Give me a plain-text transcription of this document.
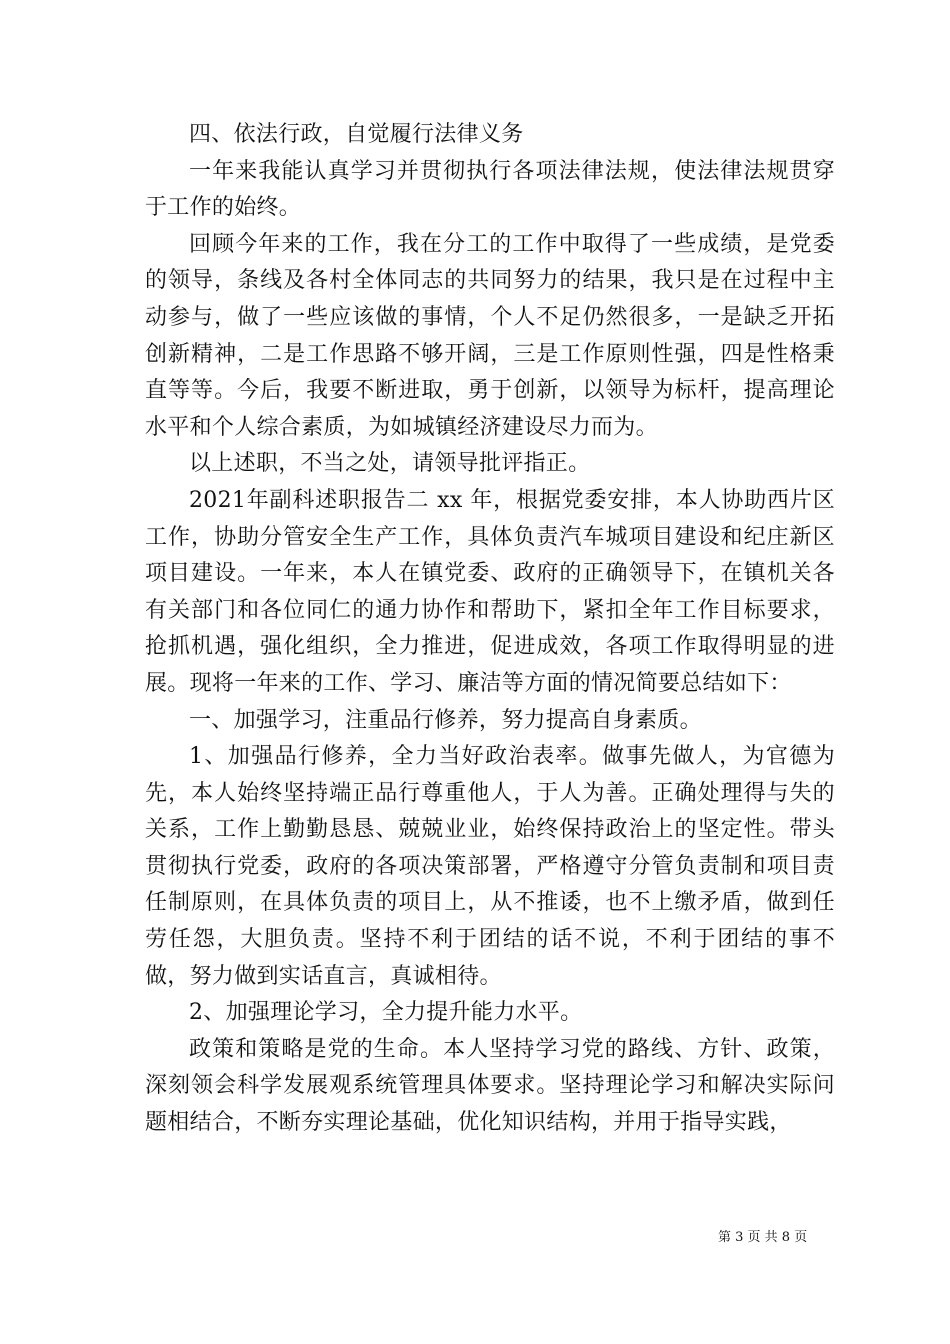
四、依法行政，自觉履行法律义务

一年来我能认真学习并贯彻执行各项法律法规，使法律法规贯穿于工作的始终。

回顾今年来的工作，我在分工的工作中取得了一些成绩，是党委的领导，条线及各村全体同志的共同努力的结果，我只是在过程中主动参与，做了一些应该做的事情，个人不足仍然很多，一是缺乏开拓创新精神，二是工作思路不够开阔，三是工作原则性强，四是性格秉直等等。今后，我要不断进取，勇于创新，以领导为标杆，提高理论水平和个人综合素质，为如城镇经济建设尽力而为。

以上述职，不当之处，请领导批评指正。

2021年副科述职报告二 xx 年，根据党委安排，本人协助西片区工作，协助分管安全生产工作，具体负责汽车城项目建设和纪庄新区项目建设。一年来，本人在镇党委、政府的正确领导下，在镇机关各有关部门和各位同仁的通力协作和帮助下，紧扣全年工作目标要求，抢抓机遇，强化组织，全力推进，促进成效，各项工作取得明显的进展。现将一年来的工作、学习、廉洁等方面的情况简要总结如下：

一、加强学习，注重品行修养，努力提高自身素质。

1、加强品行修养，全力当好政治表率。做事先做人，为官德为先，本人始终坚持端正品行尊重他人，于人为善。正确处理得与失的关系，工作上勤勤恳恳、兢兢业业，始终保持政治上的坚定性。带头贯彻执行党委，政府的各项决策部署，严格遵守分管负责制和项目责任制原则，在具体负责的项目上，从不推诿，也不上缴矛盾，做到任劳任怨，大胆负责。坚持不利于团结的话不说，不利于团结的事不做，努力做到实话直言，真诚相待。

2、加强理论学习，全力提升能力水平。

政策和策略是党的生命。本人坚持学习党的路线、方针、政策，深刻领会科学发展观系统管理具体要求。坚持理论学习和解决实际问题相结合，不断夯实理论基础，优化知识结构，并用于指导实践，

第 3 页 共 8 页
